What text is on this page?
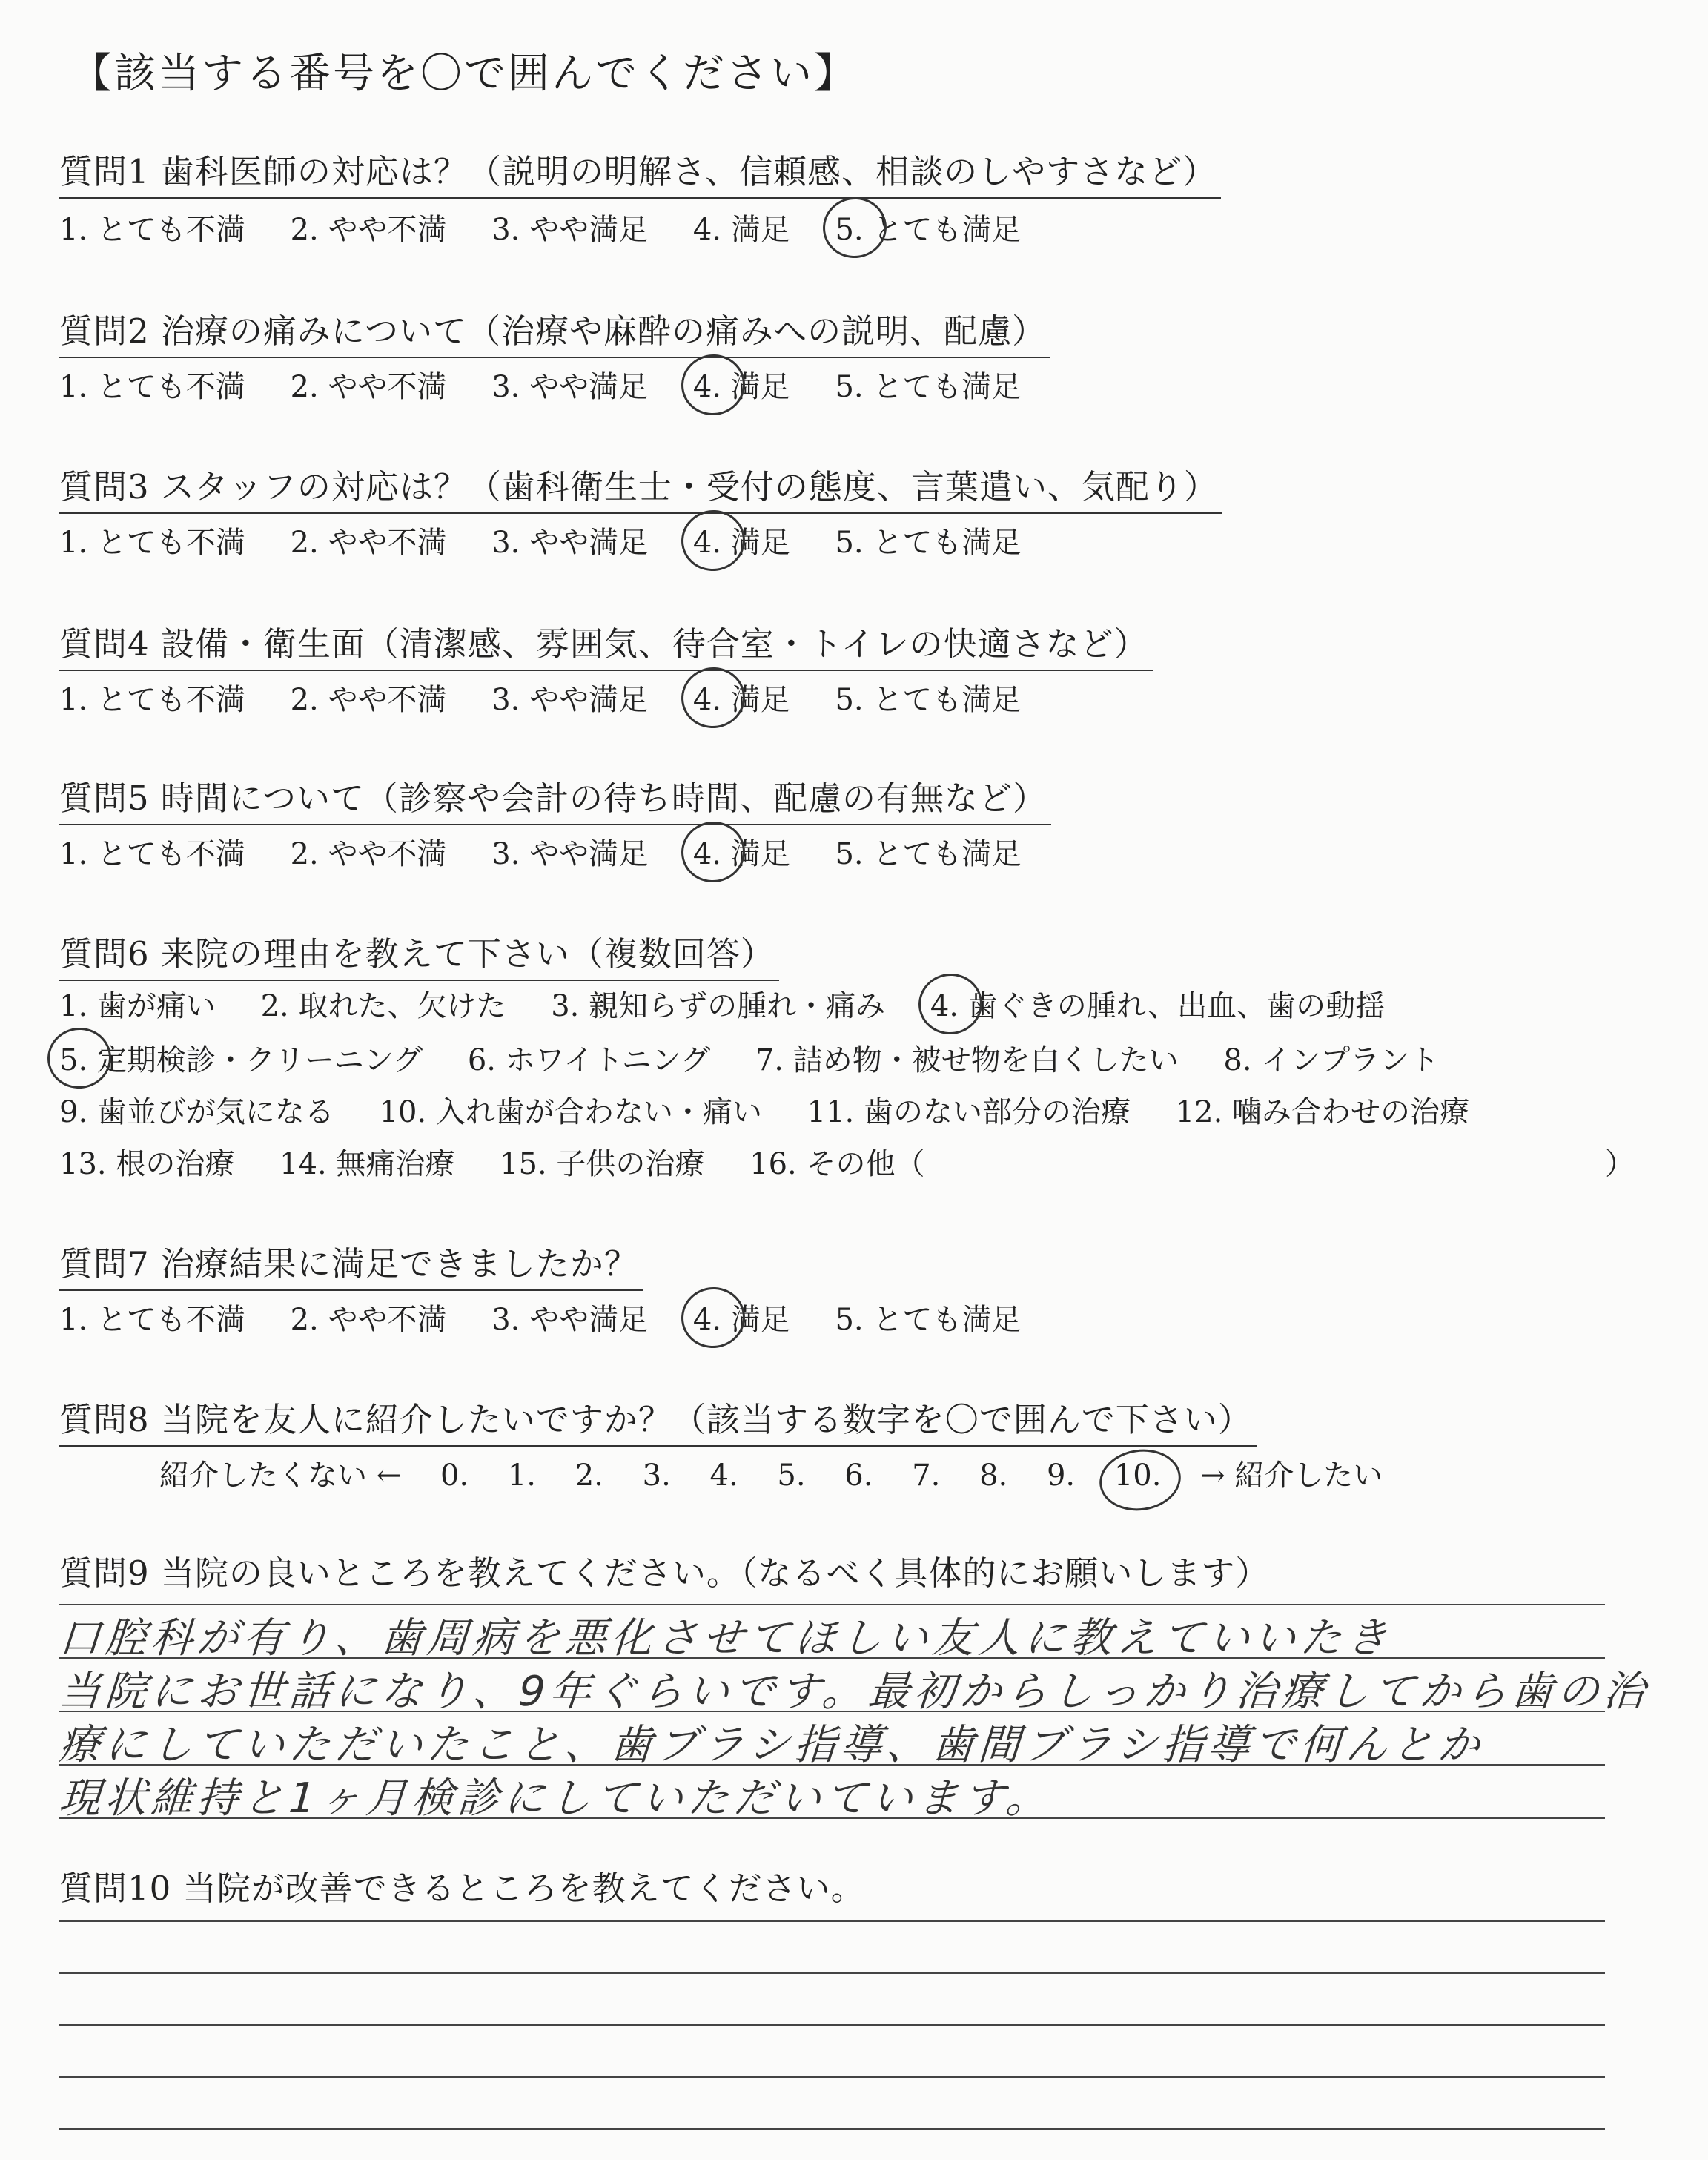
【該当する番号を〇で囲んでください】
質問1 歯科医師の対応は？（説明の明解さ、信頼感、相談のしやすさなど）
1. とても不満 2. やや不満 3. やや満足 4. 満足 5. とても満足
質問2 治療の痛みについて（治療や麻酔の痛みへの説明、配慮）
1. とても不満 2. やや不満 3. やや満足 4. 満足 5. とても満足
質問3 スタッフの対応は？（歯科衛生士・受付の態度、言葉遣い、気配り）
1. とても不満 2. やや不満 3. やや満足 4. 満足 5. とても満足
質問4 設備・衛生面（清潔感、雰囲気、待合室・トイレの快適さなど）
1. とても不満 2. やや不満 3. やや満足 4. 満足 5. とても満足
質問5 時間について（診察や会計の待ち時間、配慮の有無など）
1. とても不満 2. やや不満 3. やや満足 4. 満足 5. とても満足
質問6 来院の理由を教えて下さい（複数回答）
1. 歯が痛い 2. 取れた、欠けた 3. 親知らずの腫れ・痛み 4. 歯ぐきの腫れ、出血、歯の動揺
5. 定期検診・クリーニング 6. ホワイトニング 7. 詰め物・被せ物を白くしたい 8. インプラント
9. 歯並びが気になる 10. 入れ歯が合わない・痛い 11. 歯のない部分の治療 12. 噛み合わせの治療
13. 根の治療 14. 無痛治療 15. 子供の治療 16. その他（	）
質問7 治療結果に満足できましたか？
1. とても不満 2. やや不満 3. やや満足 4. 満足 5. とても満足
質問8 当院を友人に紹介したいですか？（該当する数字を〇で囲んで下さい）
紹介したくない ← 0. 1. 2. 3. 4. 5. 6. 7. 8. 9. 10. → 紹介したい
質問9 当院の良いところを教えてください。（なるべく具体的にお願いします）
口腔科が有り、歯周病を悪化させてほしい友人に教えていいたき
当院にお世話になり、9年ぐらいです。最初からしっかり治療してから歯の治
療にしていただいたこと、歯ブラシ指導、歯間ブラシ指導で何んとか
現状維持と1ヶ月検診にしていただいています。
質問10 当院が改善できるところを教えてください。
